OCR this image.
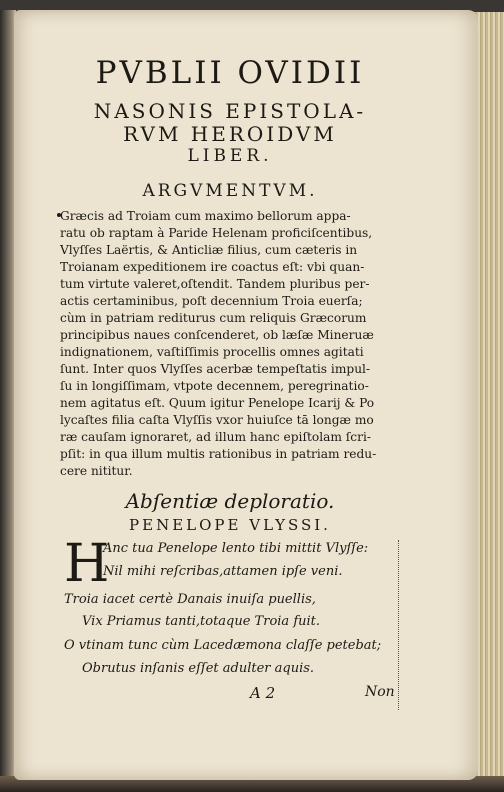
PVBLII OVIDII
NASONIS EPISTOLA-
RVM HEROIDVM
LIBER.
ARGVMENTVM.
Græcis ad Troiam cum maximo bellorum appa-
ratu ob raptam à Paride Helenam proficiſcentibus,
Vlyſſes Laërtis, & Anticliæ filius, cum cæteris in
Troianam expeditionem ire coactus eſt: vbi quan-
tum virtute valeret,oſtendit. Tandem pluribus per-
actis certaminibus, poſt decennium Troia euerſa;
cùm in patriam rediturus cum reliquis Græcorum
principibus naues conſcenderet, ob læſæ Mineruæ
indignationem, vaſtiſſimis procellis omnes agitati
ſunt. Inter quos Vlyſſes acerbæ tempeſtatis impul-
ſu in longiſſimam, vtpote decennem, peregrinatio-
nem agitatus eſt. Quum igitur Penelope Icarij & Po
lycaſtes filia caſta Vlyſſis vxor huiuſce tā longæ mo
ræ cauſam ignoraret, ad illum hanc epiſtolam ſcri-
pſit: in qua illum multis rationibus in patriam redu-
cere nititur.
Abſentiæ deploratio.
PENELOPE VLYSSI.
H
Anc tua Penelope lento tibi mittit Vlyſſe:
Nil mihi reſcribas,attamen ipſe veni.
Troia iacet certè Danais inuiſa puellis,
Vix Priamus tanti,totaque Troia fuit.
O vtinam tunc cùm Lacedæmona claſſe petebat;
Obrutus inſanis eſſet adulter aquis.
A 2	Non
